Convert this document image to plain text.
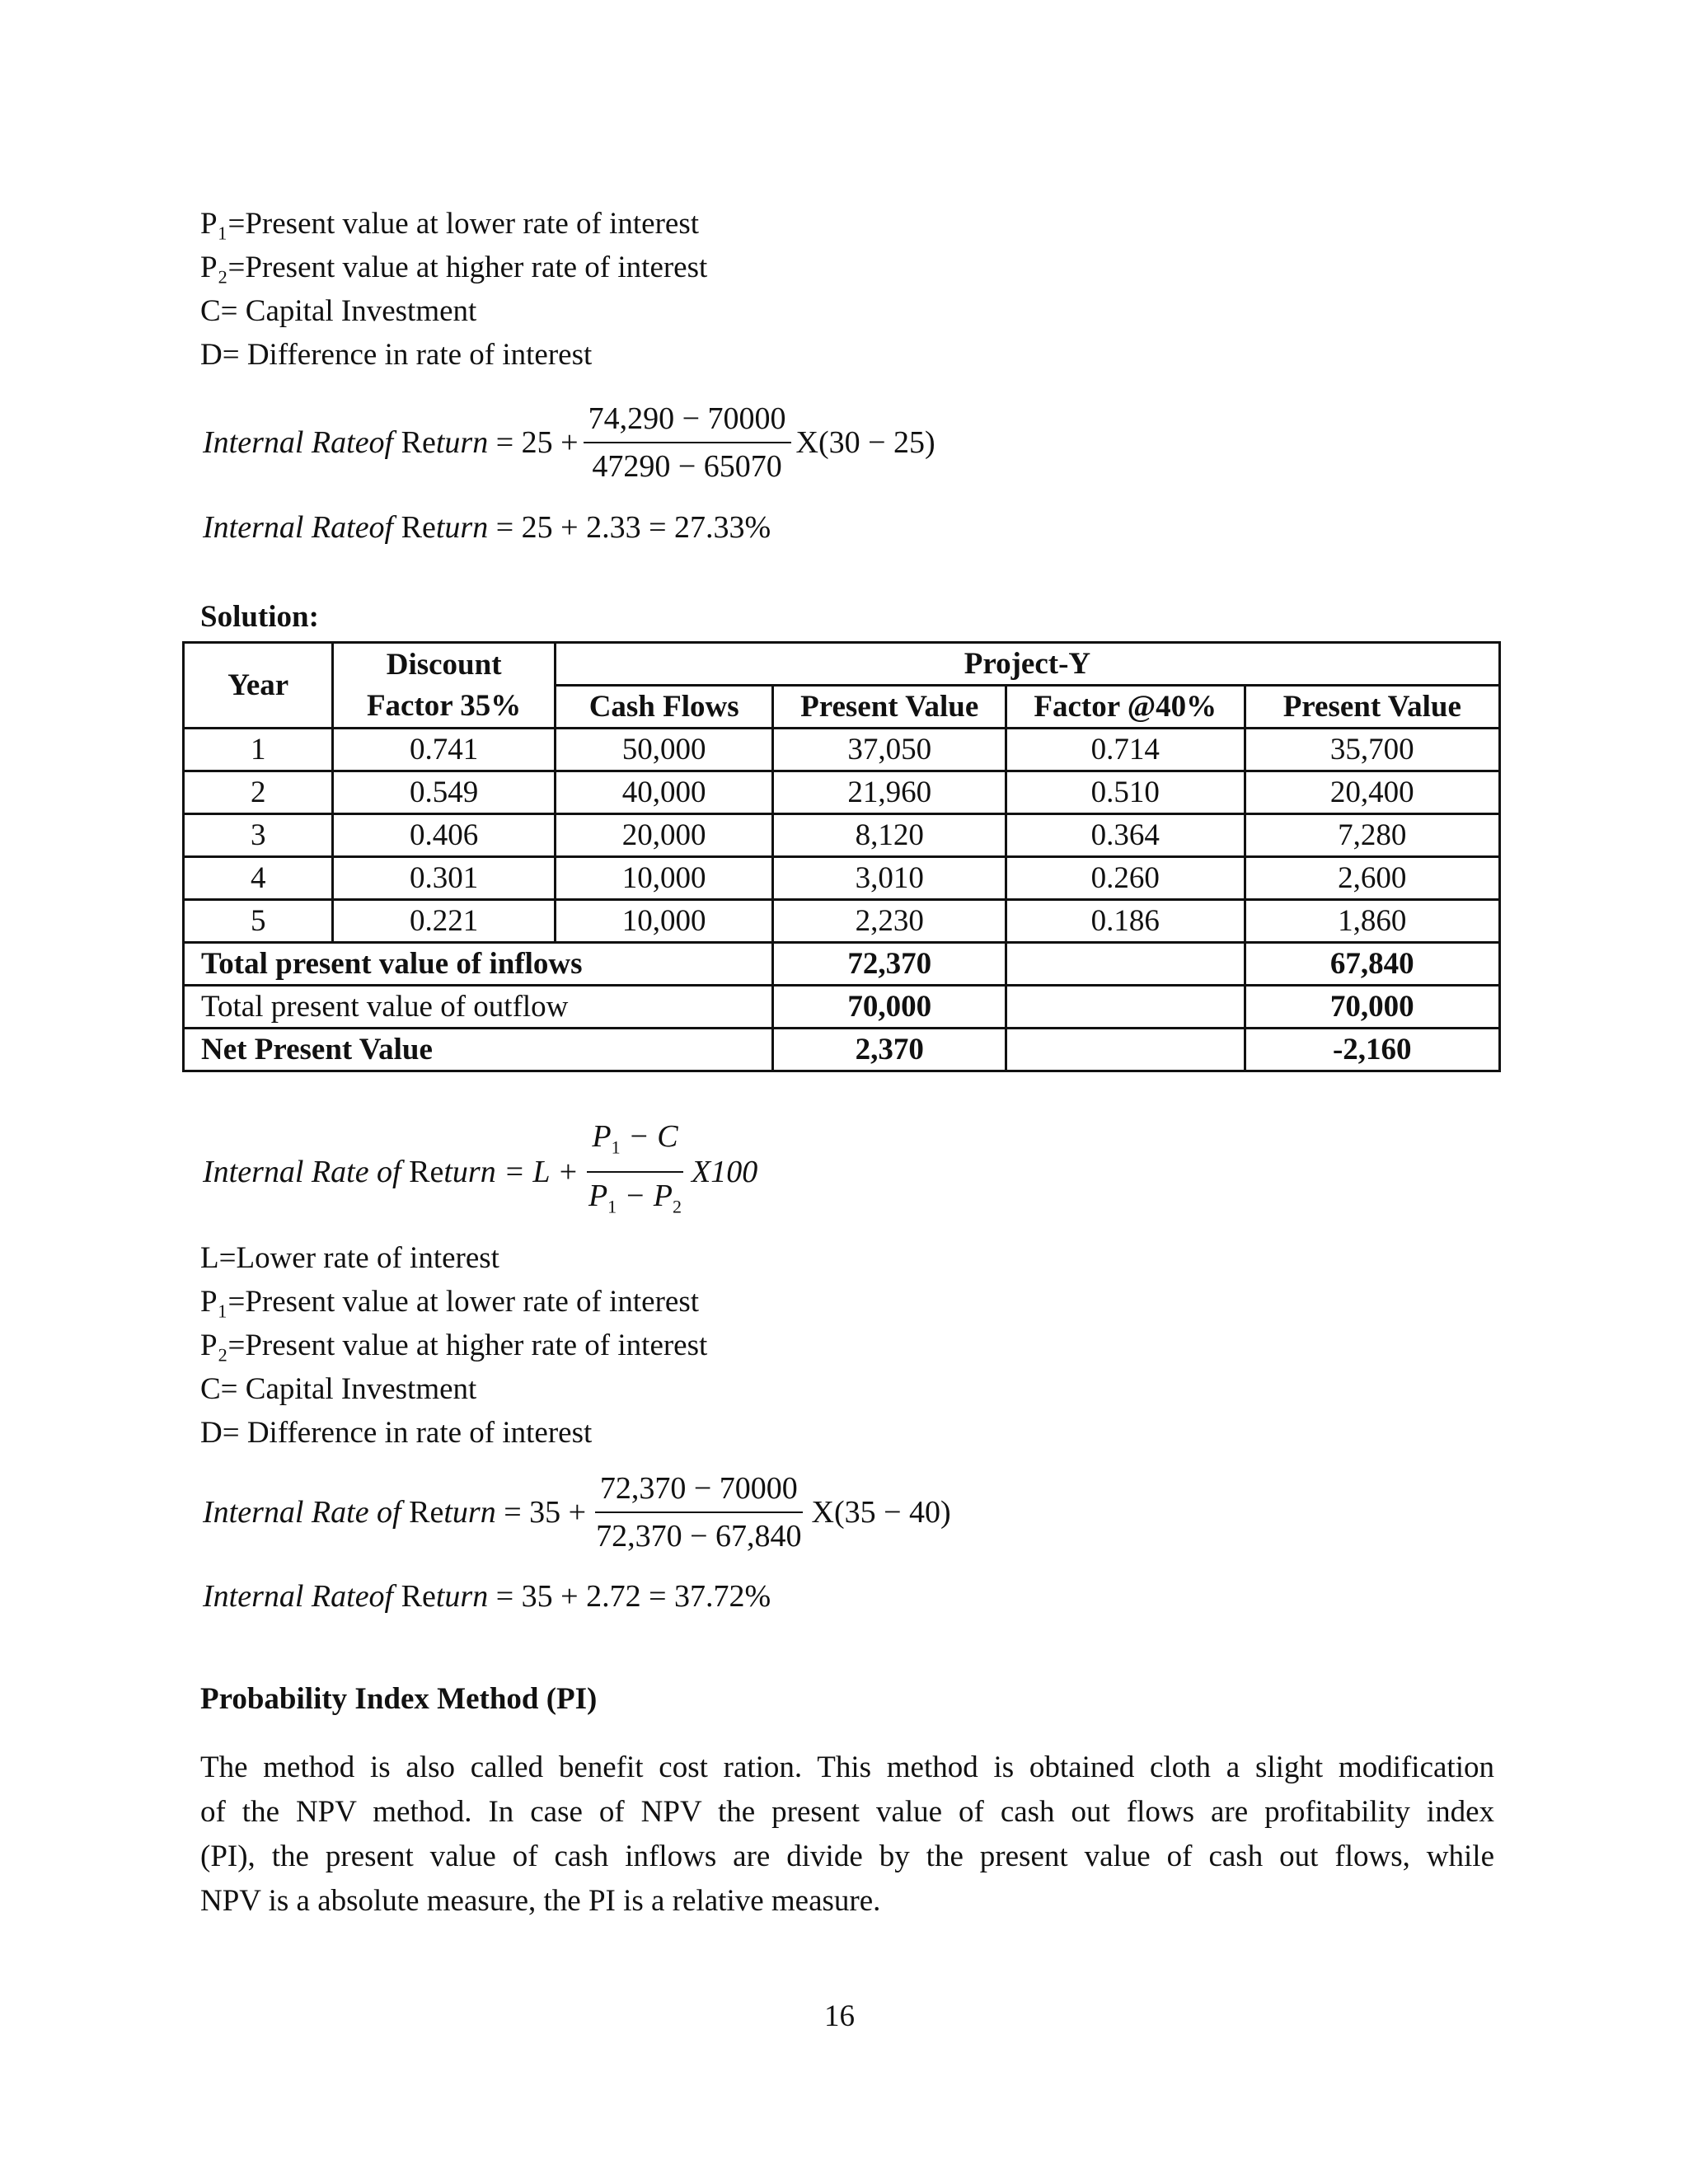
P₁=Present value at lower rate of interest
P₂=Present value at higher rate of interest
C= Capital Investment
D= Difference in rate of interest
Internal Rateof
Re turn
= $25 + \frac{74,290 - 70000}{47290 - 65070} X(30 - 25)$
Internal Rateof
Re turn
= 25 + 2.33 = 27.33%
Solution:
Year	Discount	Project-Y			
	Factor 35%	Cash Flows	Present Value	Factor @40%	Present Value
1	0.741	50,000	37,050	0.714	35,700
2	0.549	40,000	21,960	0.510	20,400
3	0.406	20,000	8,120	0.364	7,280
4	0.301	10,000	3,010	0.260	2,600
5	0.221	10,000	2,230	0.186	1,860
Total present value of inflows			72,370		67,840
Total present value of outflow			70,000		70,000
Net Present Value			2,370		-2,160
Internal Rate of
Re turn
= $L + \frac{P_1 - C}{P_1 - P_2} X100$
L=Lower rate of interest
P₁=Present value at lower rate of interest
P₂=Present value at higher rate of interest
C= Capital Investment
D= Difference in rate of interest
Internal Rate of
Re turn
= $35 + \frac{72,370 - 70000}{72,370 - 67,840} X(35 - 40)$
Internal Rateof
Re turn
= 35 + 2.72 = 37.72%
Probability Index Method (PI)
The method is also called benefit cost ration. This method is obtained cloth a slight modification
of the NPV method. In case of NPV the present value of cash out flows are profitability index
(PI), the present value of cash inflows are divide by the present value of cash out flows, while
NPV is a absolute measure, the PI is a relative measure.
16
